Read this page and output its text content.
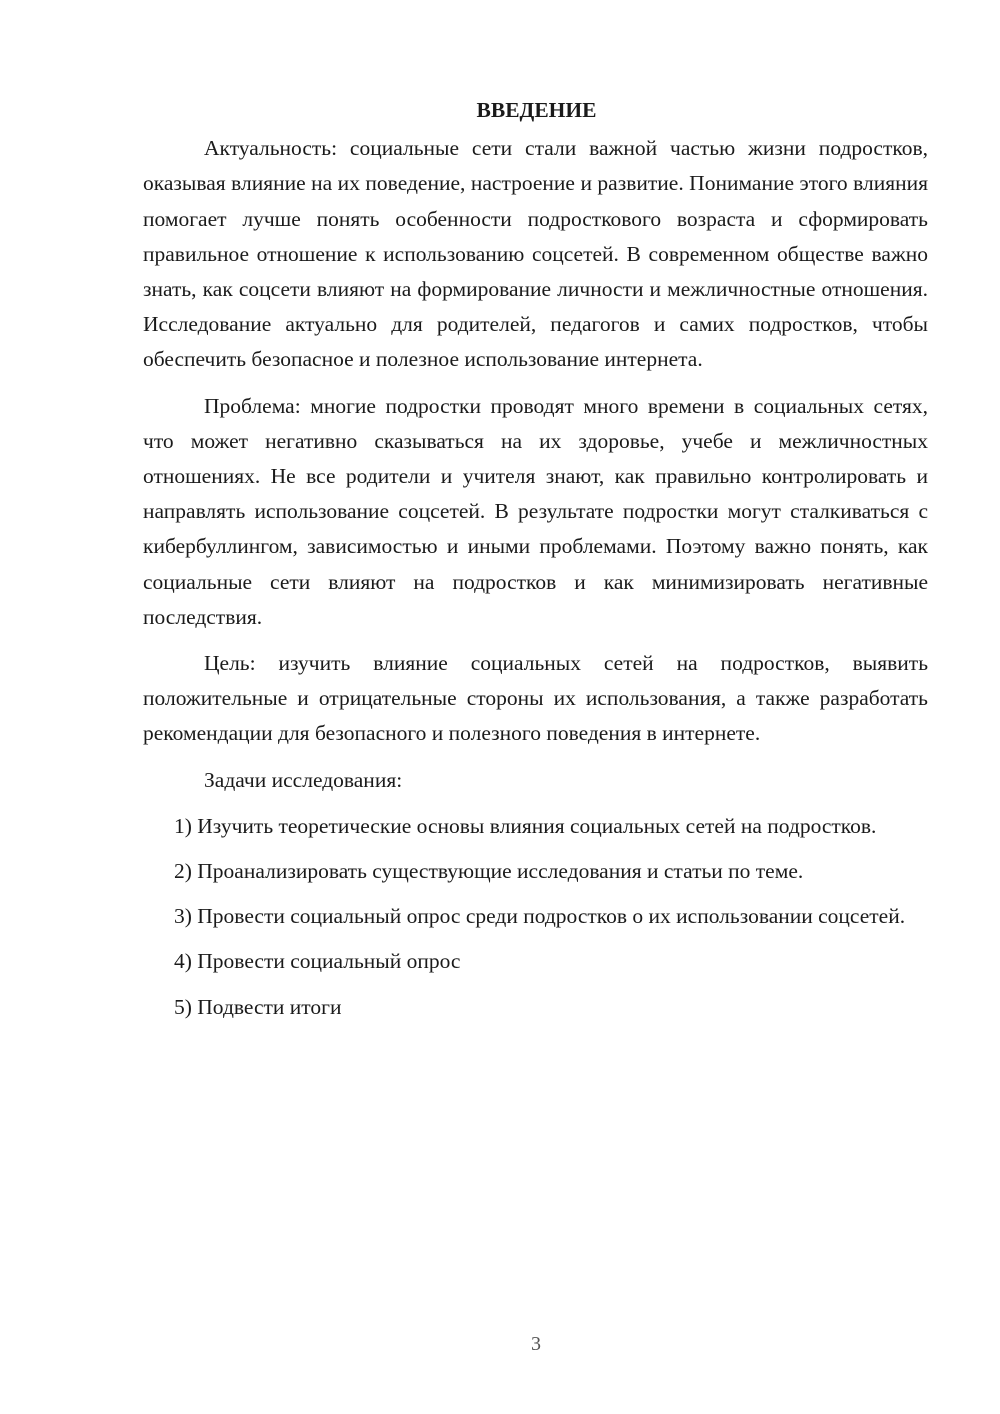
ВВЕДЕНИЕ

Актуальность: социальные сети стали важной частью жизни подростков, оказывая влияние на их поведение, настроение и развитие. Понимание этого влияния помогает лучше понять особенности подросткового возраста и сформировать правильное отношение к использованию соцсетей. В современном обществе важно знать, как соцсети влияют на формирование личности и межличностные отношения. Исследование актуально для родителей, педагогов и самих подростков, чтобы обеспечить безопасное и полезное использование интернета.

Проблема: многие подростки проводят много времени в социальных сетях, что может негативно сказываться на их здоровье, учебе и межличностных отношениях. Не все родители и учителя знают, как правильно контролировать и направлять использование соцсетей. В результате подростки могут сталкиваться с кибербуллингом, зависимостью и иными проблемами. Поэтому важно понять, как социальные сети влияют на подростков и как минимизировать негативные последствия.

Цель: изучить влияние социальных сетей на подростков, выявить положительные и отрицательные стороны их использования, а также разработать рекомендации для безопасного и полезного поведения в интернете.

Задачи исследования:

1) Изучить теоретические основы влияния социальных сетей на подростков.

2) Проанализировать существующие исследования и статьи по теме.

3) Провести социальный опрос среди подростков о их использовании соцсетей.

4) Провести социальный опрос

5) Подвести итоги

3
